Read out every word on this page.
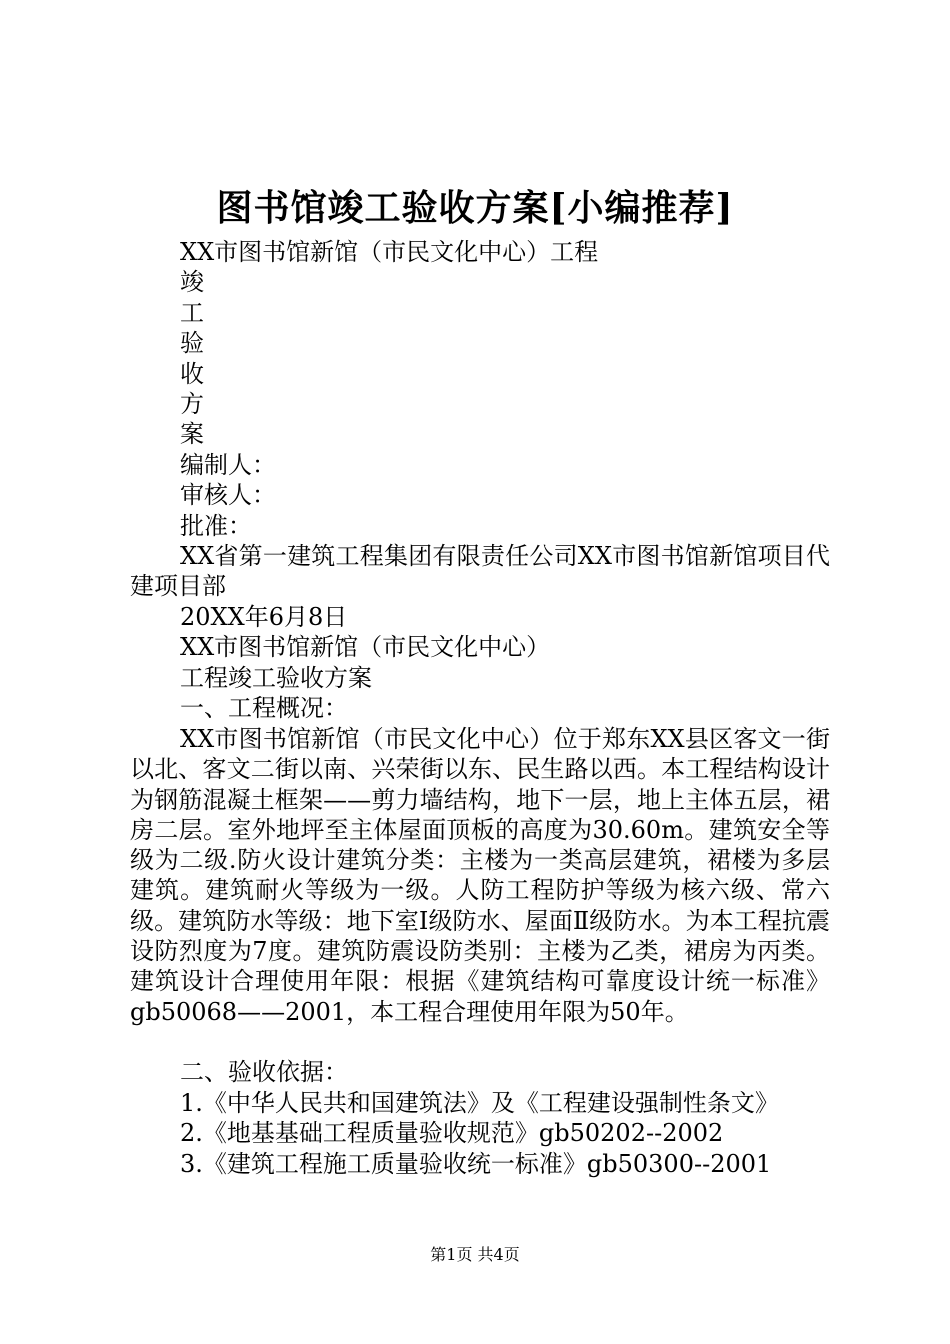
图书馆竣工验收方案[小编推荐]
XX市图书馆新馆（市民文化中心）工程
竣
工
验
收
方
案
编制人：
审核人：
批准：
XX省第一建筑工程集团有限责任公司XX市图书馆新馆项目代建项目部
20XX年6月8日
XX市图书馆新馆（市民文化中心）
工程竣工验收方案
一、工程概况：
XX市图书馆新馆（市民文化中心）位于郑东XX县区客文一街以北、客文二街以南、兴荣街以东、民生路以西。本工程结构设计为钢筋混凝土框架——剪力墙结构，地下一层，地上主体五层，裙房二层。室外地坪至主体屋面顶板的高度为30.60m。建筑安全等级为二级.防火设计建筑分类：主楼为一类高层建筑，裙楼为多层建筑。建筑耐火等级为一级。人防工程防护等级为核六级、常六级。建筑防水等级：地下室Ⅰ级防水、屋面Ⅱ级防水。为本工程抗震设防烈度为7度。建筑防震设防类别：主楼为乙类，裙房为丙类。建筑设计合理使用年限：根据《建筑结构可靠度设计统一标准》gb50068——2001，本工程合理使用年限为50年。
二、验收依据：
1.《中华人民共和国建筑法》及《工程建设强制性条文》
2.《地基基础工程质量验收规范》gb50202--2002
3.《建筑工程施工质量验收统一标准》gb50300--2001
第1页 共4页
